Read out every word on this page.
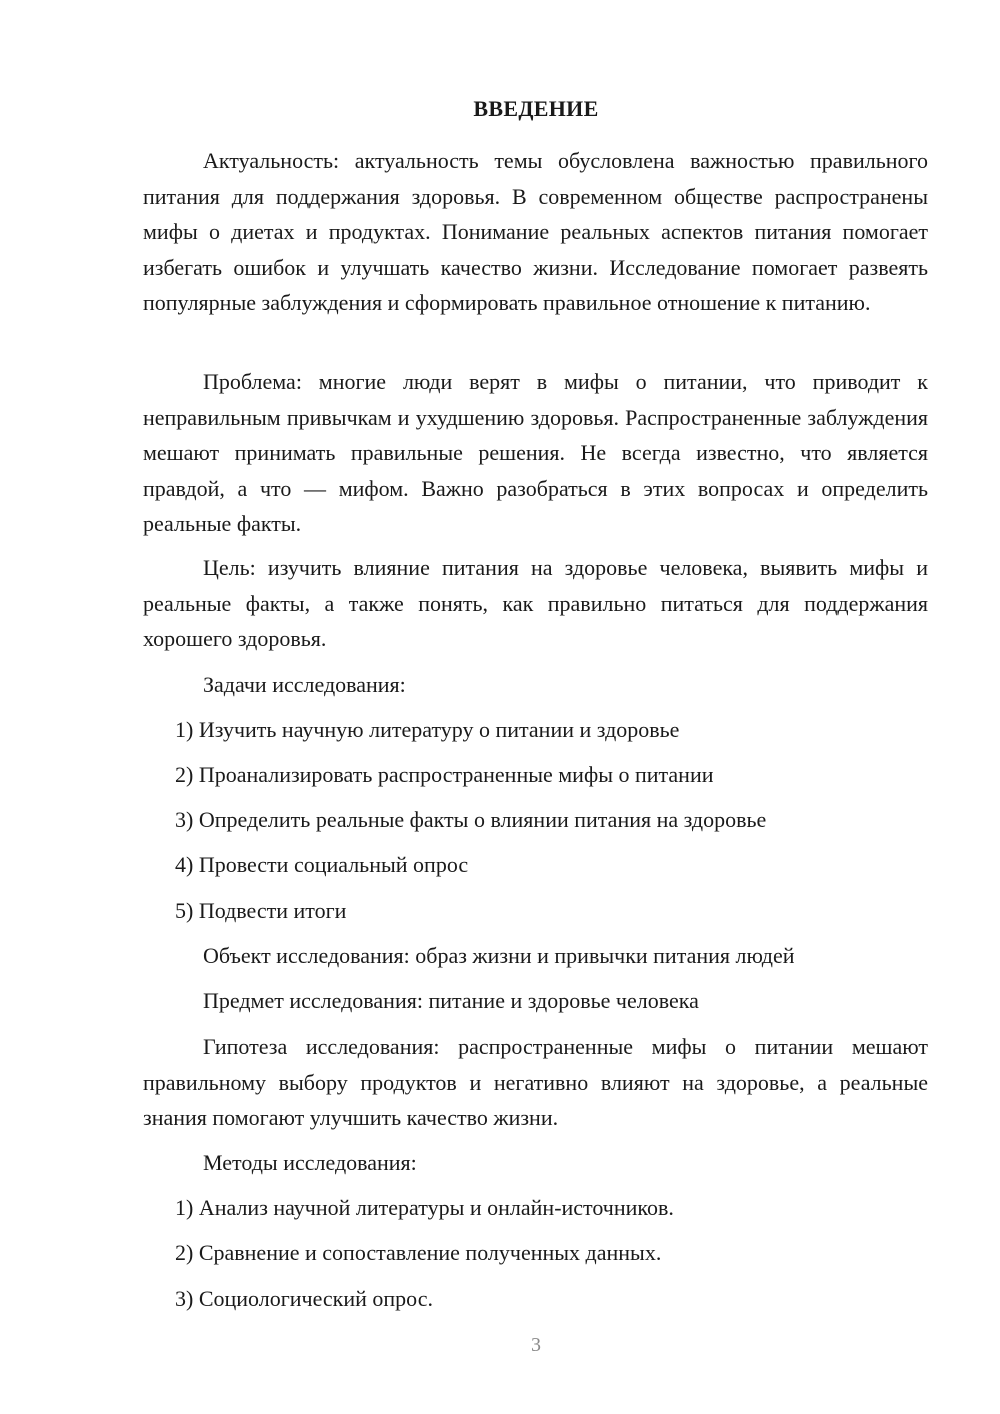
ВВЕДЕНИЕ

Актуальность: актуальность темы обусловлена важностью правильного питания для поддержания здоровья. В современном обществе распространены мифы о диетах и продуктах. Понимание реальных аспектов питания помогает избегать ошибок и улучшать качество жизни. Исследование помогает развеять популярные заблуждения и сформировать правильное отношение к питанию.

Проблема: многие люди верят в мифы о питании, что приводит к неправильным привычкам и ухудшению здоровья. Распространенные заблуждения мешают принимать правильные решения. Не всегда известно, что является правдой, а что — мифом. Важно разобраться в этих вопросах и определить реальные факты.

Цель: изучить влияние питания на здоровье человека, выявить мифы и реальные факты, а также понять, как правильно питаться для поддержания хорошего здоровья.

Задачи исследования:
1) Изучить научную литературу о питании и здоровье
2) Проанализировать распространенные мифы о питании
3) Определить реальные факты о влиянии питания на здоровье
4) Провести социальный опрос
5) Подвести итоги
Объект исследования: образ жизни и привычки питания людей
Предмет исследования: питание и здоровье человека

Гипотеза исследования: распространенные мифы о питании мешают правильному выбору продуктов и негативно влияют на здоровье, а реальные знания помогают улучшить качество жизни.

Методы исследования:
1) Анализ научной литературы и онлайн-источников.
2) Сравнение и сопоставление полученных данных.
3) Социологический опрос.
3
